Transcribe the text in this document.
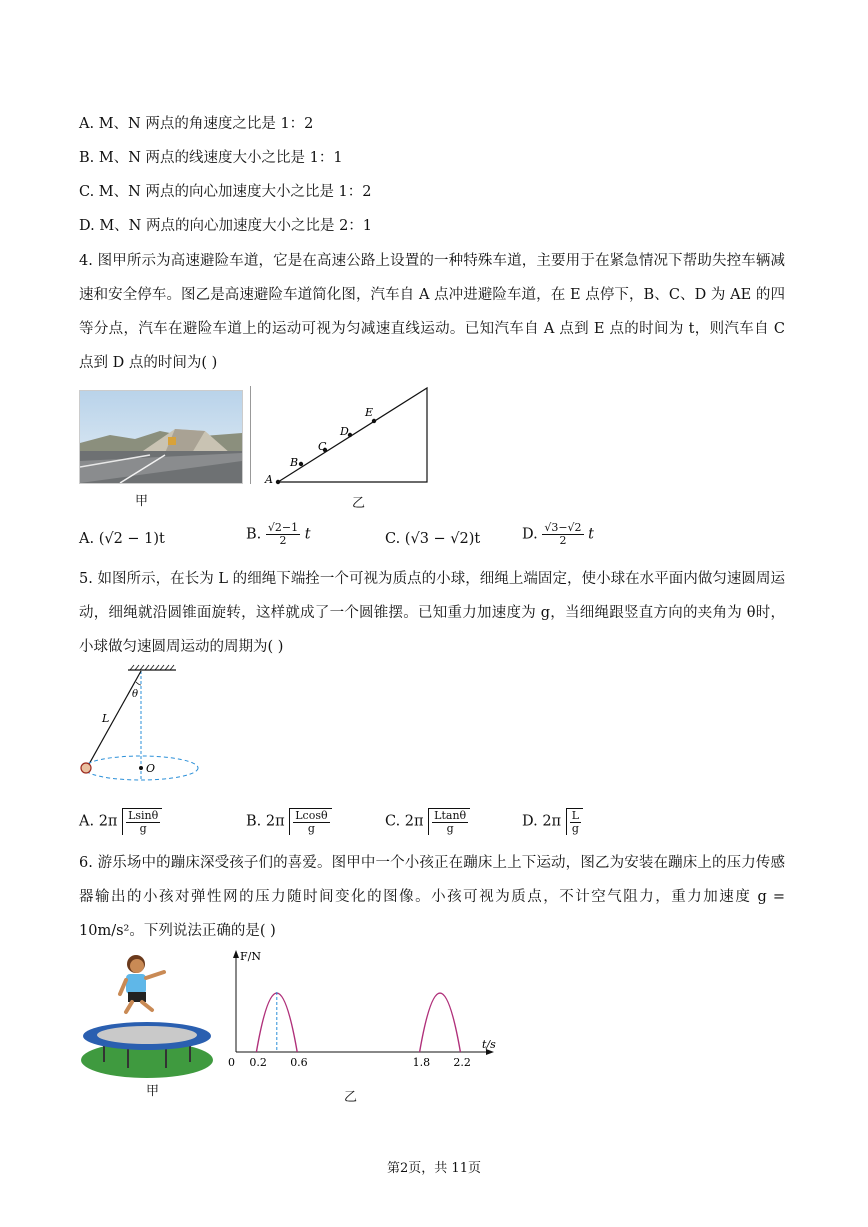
A. M、N 两点的角速度之比是 1：2
B. M、N 两点的线速度大小之比是 1：1
C. M、N 两点的向心加速度大小之比是 1：2
D. M、N 两点的向心加速度大小之比是 2：1
4. 图甲所示为高速避险车道，它是在高速公路上设置的一种特殊车道，主要用于在紧急情况下帮助失控车辆减速和安全停车。图乙是高速避险车道简化图，汽车自 A 点冲进避险车道，在 E 点停下，B、C、D 为 AE 的四等分点，汽车在避险车道上的运动可视为匀减速直线运动。已知汽车自 A 点到 E 点的时间为 t，则汽车自 C 点到 D 点的时间为( )
甲
A
B
C
D
E
乙
A. (√2 − 1)t	B. $\frac{√2-1}{2}$ t	C. (√3 − √2)t	D. $\frac{√3-√2}{2}$ t
5. 如图所示，在长为 L 的细绳下端拴一个可视为质点的小球，细绳上端固定，使小球在水平面内做匀速圆周运动，细绳就沿圆锥面旋转，这样就成了一个圆锥摆。已知重力加速度为 g，当细绳跟竖直方向的夹角为 θ时，小球做匀速圆周运动的周期为( )
θ
L
O
A. $2\pi \frac{Lsin\theta}{g}$	B. $2\pi \frac{Lcos\theta}{g}$	C. $2\pi \frac{Ltan\theta}{g}$	D. $2\pi \frac{L}{g}$
6. 游乐场中的蹦床深受孩子们的喜爱。图甲中一个小孩正在蹦床上上下运动，图乙为安装在蹦床上的压力传感器输出的小孩对弹性网的压力随时间变化的图像。小孩可视为质点，不计空气阻力，重力加速度 g = 10m/s²。下列说法正确的是( )
甲
F/N
t/s
0 0.2 0.6	1.8 2.2
乙
第2页，共 11页
